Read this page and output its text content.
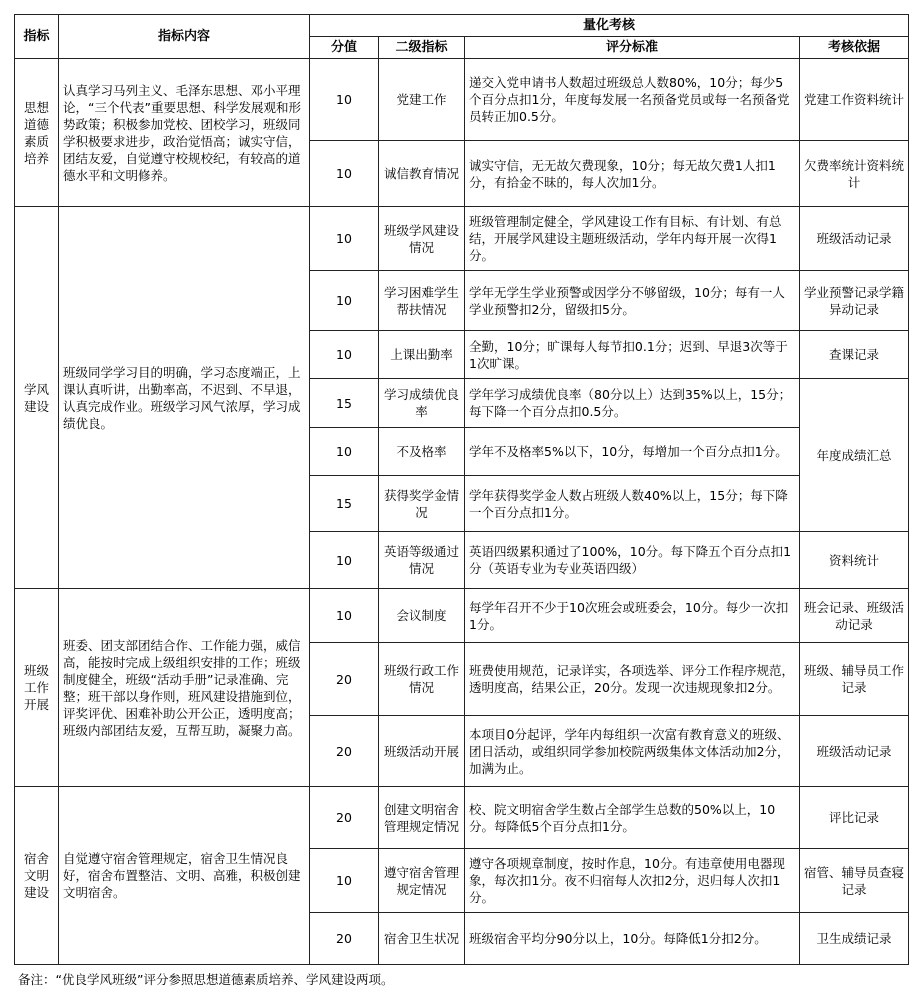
指标	指标内容	量化考核			
		分值	二级指标	评分标准	考核依据
思想道德素质培养	认真学习马列主义、毛泽东思想、邓小平理论，“三个代表”重要思想、科学发展观和形势政策；积极参加党校、团校学习，班级同学积极要求进步，政治觉悟高；诚实守信，团结友爱，自觉遵守校规校纪，有较高的道德水平和文明修养。	10	党建工作	递交入党申请书人数超过班级总人数80%，10分；每少5个百分点扣1分，年度每发展一名预备党员或每一名预备党员转正加0.5分。	党建工作资料统计
		10	诚信教育情况	诚实守信，无无故欠费现象，10分；每无故欠费1人扣1分，有拾金不昧的，每人次加1分。	欠费率统计资料统计
学风建设	班级同学学习目的明确，学习态度端正，上课认真听讲，出勤率高，不迟到、不早退，认真完成作业。班级学习风气浓厚，学习成绩优良。	10	班级学风建设情况	班级管理制定健全，学风建设工作有目标、有计划、有总结，开展学风建设主题班级活动，学年内每开展一次得1分。	班级活动记录
		10	学习困难学生帮扶情况	学年无学生学业预警或因学分不够留级，10分；每有一人学业预警扣2分，留级扣5分。	学业预警记录学籍异动记录
		10	上课出勤率	全勤，10分；旷课每人每节扣0.1分；迟到、早退3次等于1次旷课。	查课记录
		15	学习成绩优良率	学年学习成绩优良率（80分以上）达到35%以上，15分；每下降一个百分点扣0.5分。	年度成绩汇总
		10	不及格率	学年不及格率5%以下，10分，每增加一个百分点扣1分。	
		15	获得奖学金情况	学年获得奖学金人数占班级人数40%以上，15分；每下降一个百分点扣1分。	
		10	英语等级通过情况	英语四级累积通过了100%，10分。每下降五个百分点扣1分（英语专业为专业英语四级）	资料统计
班级工作开展	班委、团支部团结合作、工作能力强，威信高，能按时完成上级组织安排的工作；班级制度健全，班级“活动手册”记录准确、完整；班干部以身作则，班风建设措施到位，评奖评优、困难补助公开公正，透明度高；班级内部团结友爱，互帮互助，凝聚力高。	10	会议制度	每学年召开不少于10次班会或班委会，10分。每少一次扣1分。	班会记录、班级活动记录
		20	班级行政工作情况	班费使用规范，记录详实，各项选举、评分工作程序规范，透明度高，结果公正，20分。发现一次违规现象扣2分。	班级、辅导员工作记录
		20	班级活动开展	本项目0分起评，学年内每组织一次富有教育意义的班级、团日活动，或组织同学参加校院两级集体文体活动加2分，加满为止。	班级活动记录
宿舍文明建设	自觉遵守宿舍管理规定，宿舍卫生情况良好，宿舍布置整洁、文明、高雅，积极创建文明宿舍。	20	创建文明宿舍管理规定情况	校、院文明宿舍学生数占全部学生总数的50%以上，10分。每降低5个百分点扣1分。	评比记录
		10	遵守宿舍管理规定情况	遵守各项规章制度，按时作息，10分。有违章使用电器现象，每次扣1分。夜不归宿每人次扣2分，迟归每人次扣1分。	宿管、辅导员查寝记录
		20	宿舍卫生状况	班级宿舍平均分90分以上，10分。每降低1分扣2分。	卫生成绩记录
备注：“优良学风班级”评分参照思想道德素质培养、学风建设两项。
